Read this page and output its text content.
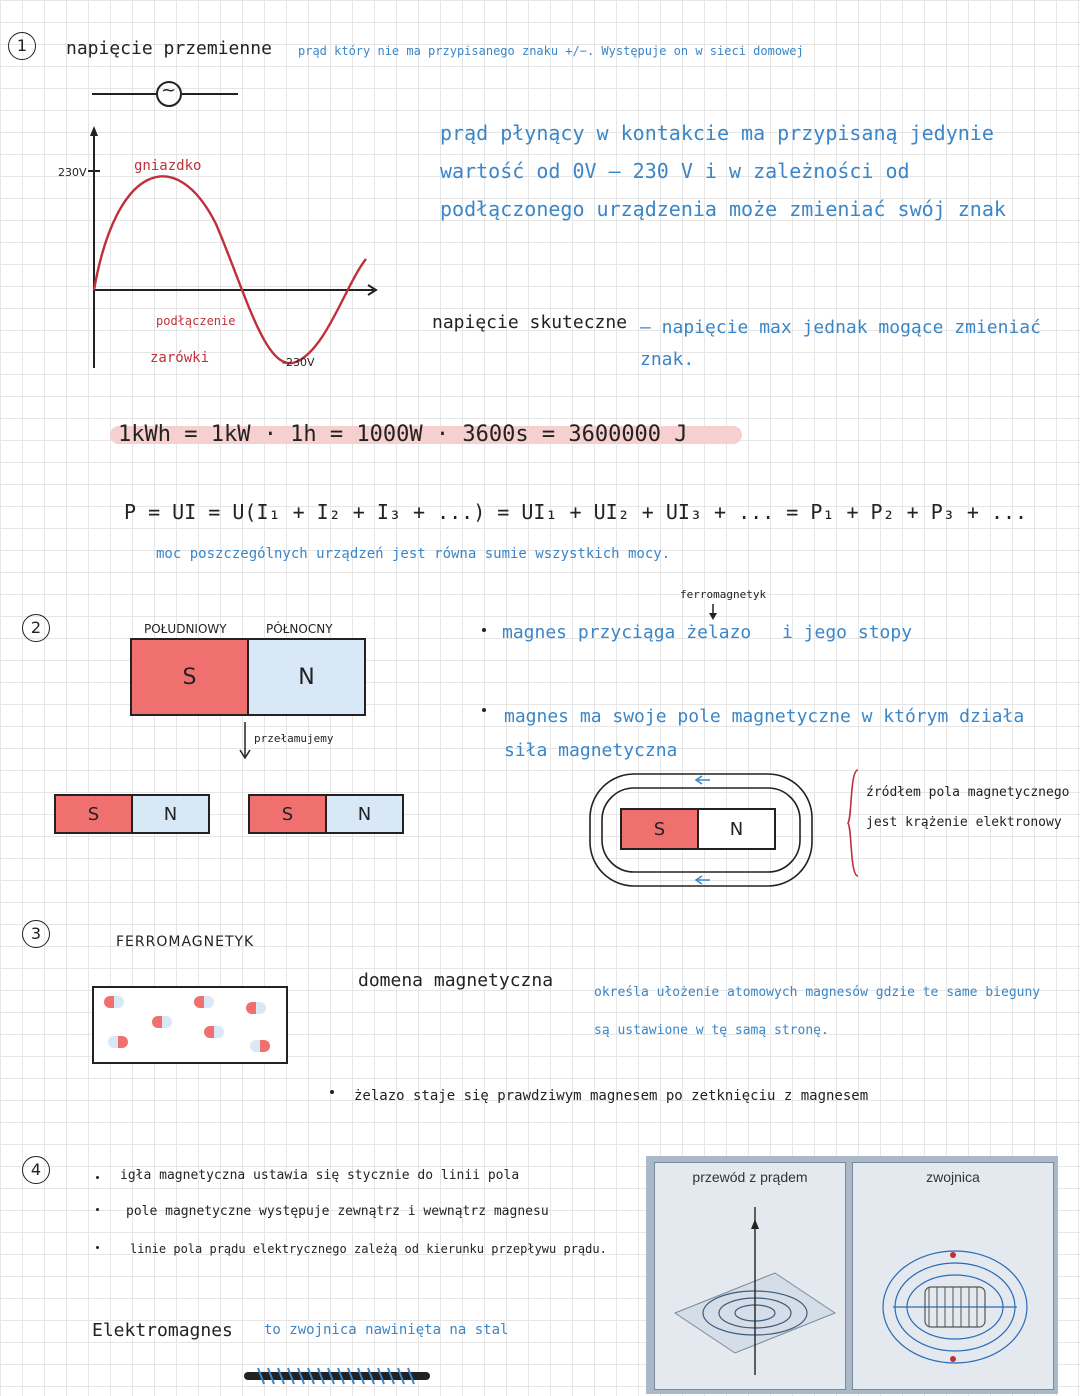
1	napięcie przemienne prąd który nie ma przypisanego znaku +/−. Występuje on w sieci domowej
~
230V	gniazdko
podłączenie
zarówki	-230V
prąd płynący w kontakcie ma przypisaną jedynie wartość od 0V — 230 V i w zależności od podłączonego urządzenia może zmieniać swój znak
napięcie skuteczne – napięcie max jednak mogące zmieniać znak.
1kWh = 1kW · 1h = 1000W · 3600s = 3600000 J
P = UI = U(I₁ + I₂ + I₃ + ...) = UI₁ + UI₂ + UI₃ + ... = P₁ + P₂ + P₃ + ...
moc poszczególnych urządzeń jest równa sumie wszystkich mocy.
2	POŁUDNIOWY	PÓŁNOCNY
S	N
przełamujemy
S	N	S	N
ferromagnetyk
magnes przyciąga żelazo i jego stopy
magnes ma swoje pole magnetyczne w którym działa siła magnetyczna
S	N
źródłem pola magnetycznego jest krążenie elektronowy
3	FERROMAGNETYK
domena magnetyczna
określa ułożenie atomowych magnesów gdzie te same bieguny są ustawione w tę samą stronę.
żelazo staje się prawdziwym magnesem po zetknięciu z magnesem
4	igła magnetyczna ustawia się stycznie do linii pola
pole magnetyczne występuje zewnątrz i wewnątrz magnesu
linie pola prądu elektrycznego zależą od kierunku przepływu prądu.
Elektromagnes to zwojnica nawinięta na stal
przewód z prądem	zwojnica
